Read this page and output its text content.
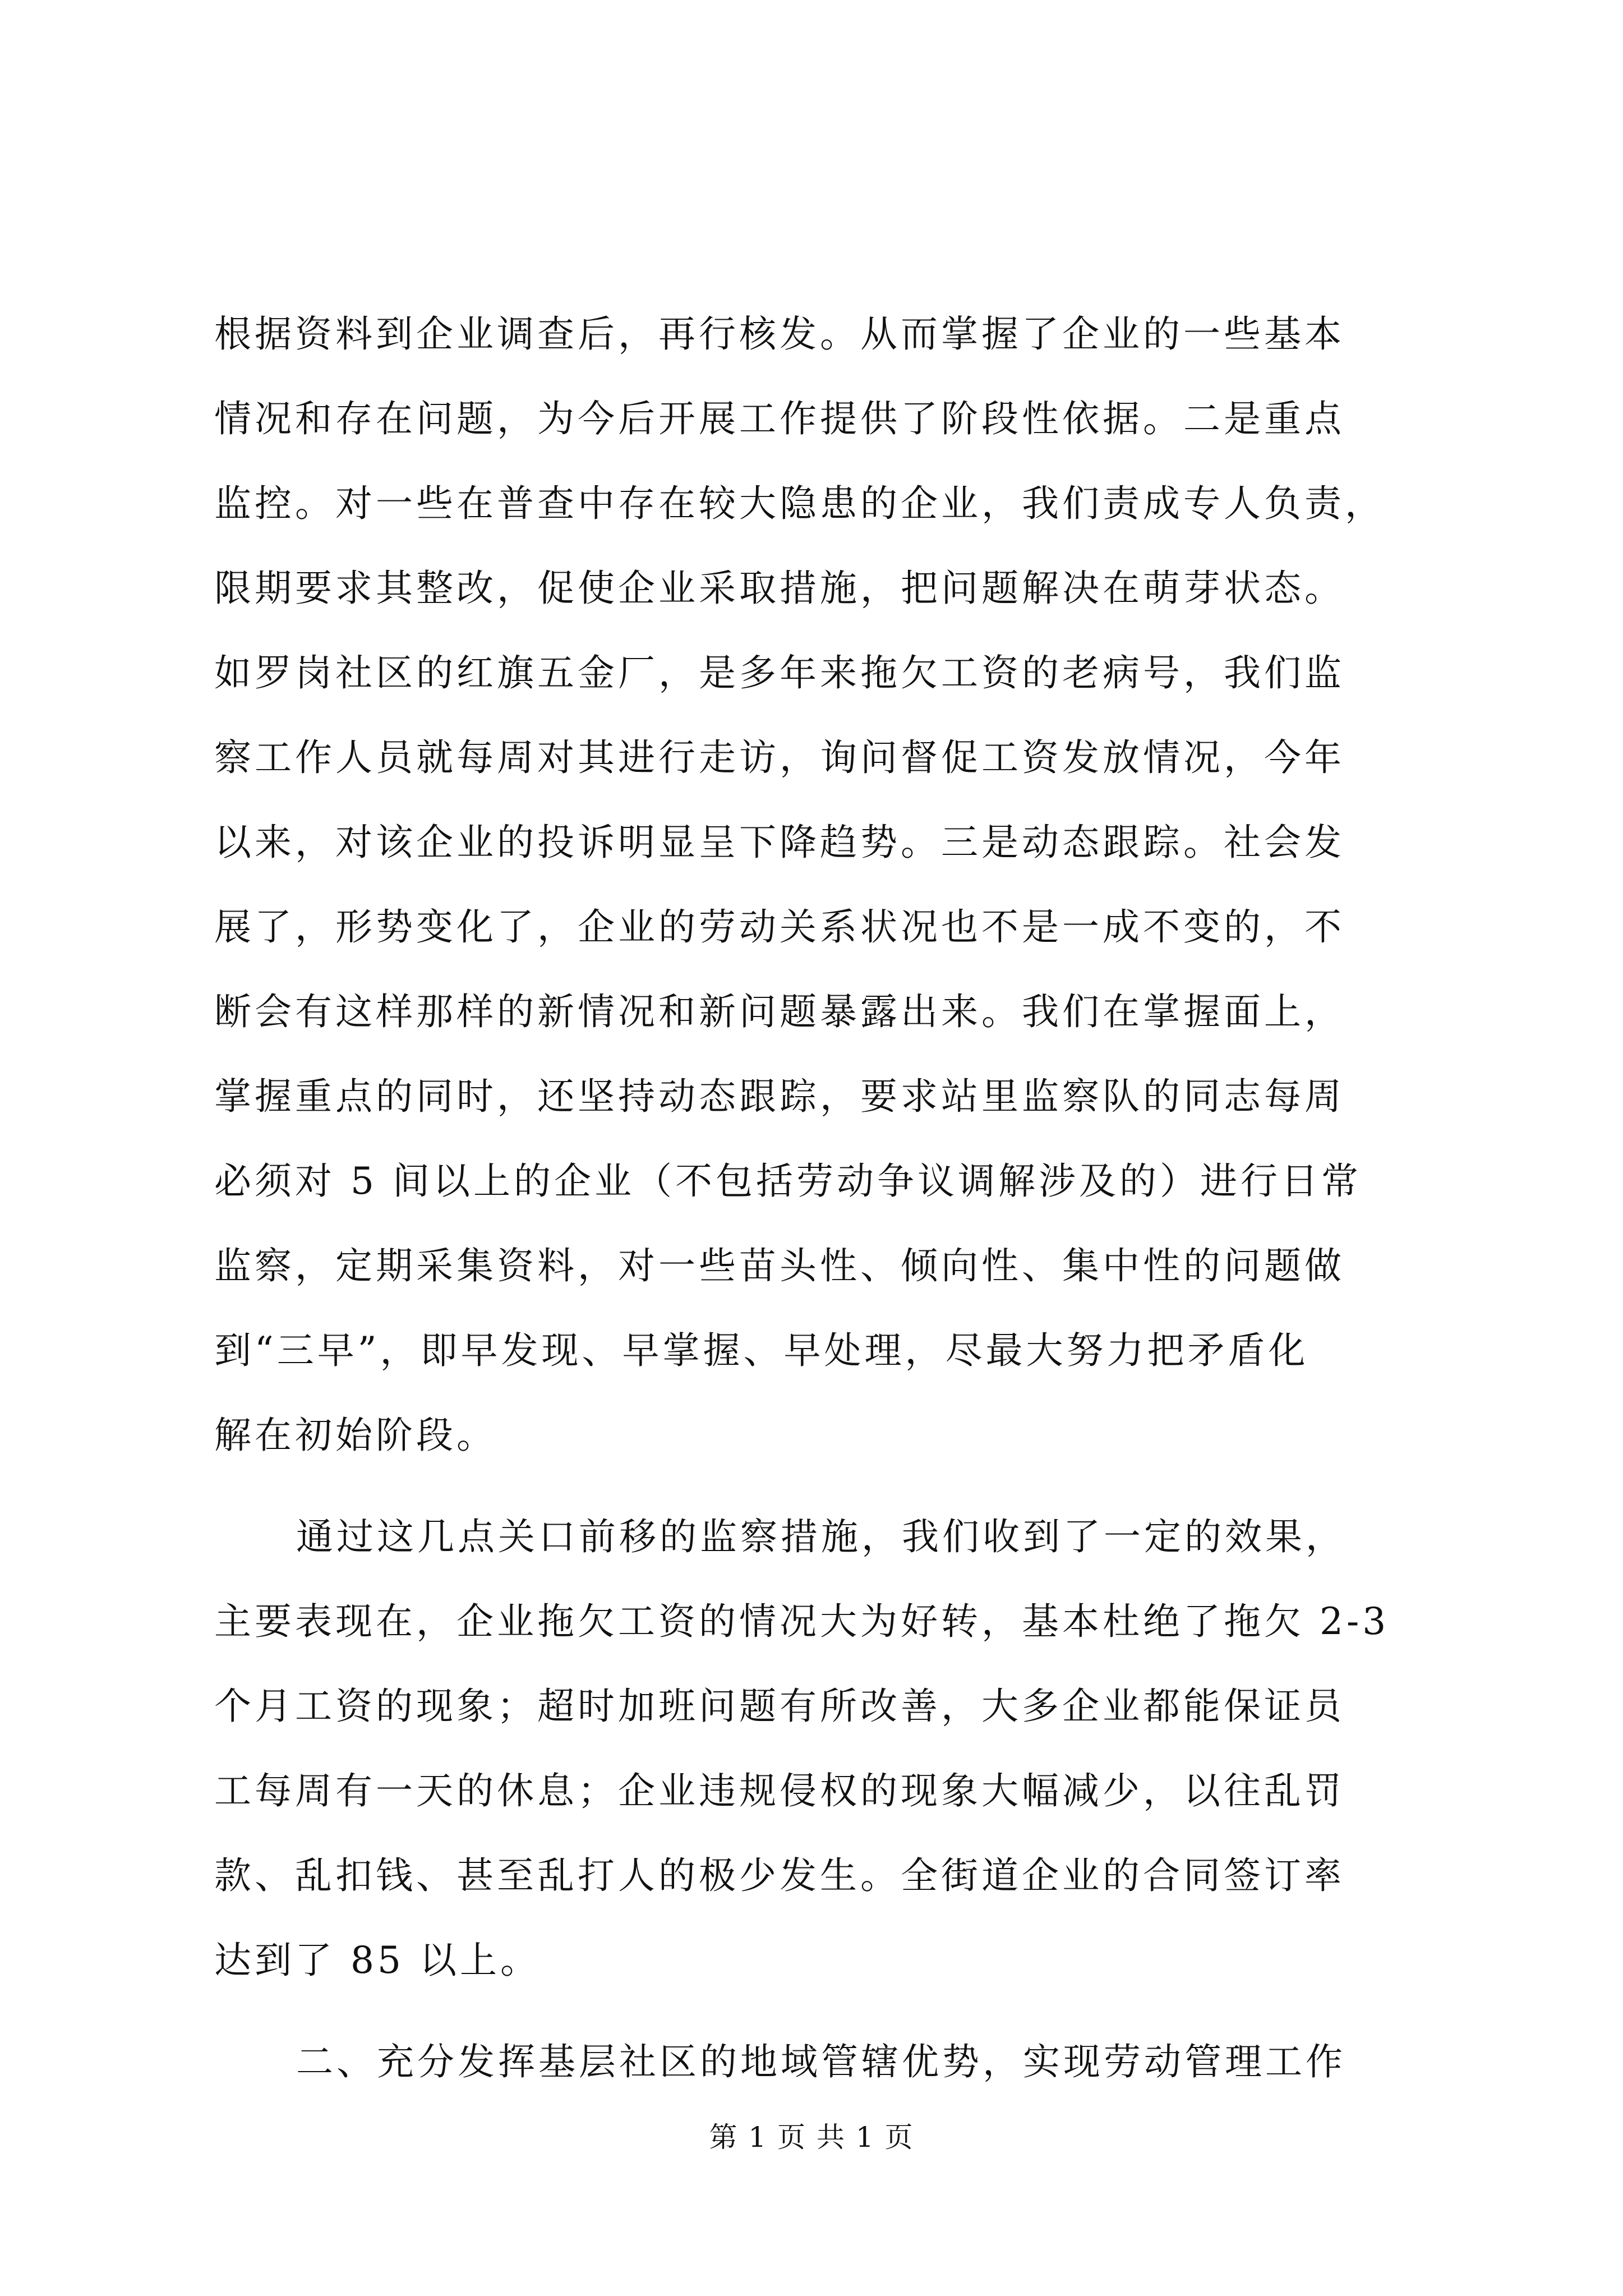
根据资料到企业调查后，再行核发。从而掌握了企业的一些基本
情况和存在问题，为今后开展工作提供了阶段性依据。二是重点
监控。对一些在普查中存在较大隐患的企业，我们责成专人负责，
限期要求其整改，促使企业采取措施，把问题解决在萌芽状态。
如罗岗社区的红旗五金厂，是多年来拖欠工资的老病号，我们监
察工作人员就每周对其进行走访，询问督促工资发放情况，今年
以来，对该企业的投诉明显呈下降趋势。三是动态跟踪。社会发
展了，形势变化了，企业的劳动关系状况也不是一成不变的，不
断会有这样那样的新情况和新问题暴露出来。我们在掌握面上，
掌握重点的同时，还坚持动态跟踪，要求站里监察队的同志每周
必须对 5 间以上的企业（不包括劳动争议调解涉及的）进行日常
监察，定期采集资料，对一些苗头性、倾向性、集中性的问题做
到“三早”，即早发现、早掌握、早处理，尽最大努力把矛盾化
解在初始阶段。
通过这几点关口前移的监察措施，我们收到了一定的效果，
主要表现在，企业拖欠工资的情况大为好转，基本杜绝了拖欠 2-3
个月工资的现象；超时加班问题有所改善，大多企业都能保证员
工每周有一天的休息；企业违规侵权的现象大幅减少，以往乱罚
款、乱扣钱、甚至乱打人的极少发生。全街道企业的合同签订率
达到了 85 以上。
二、充分发挥基层社区的地域管辖优势，实现劳动管理工作
第 1 页 共 1 页
